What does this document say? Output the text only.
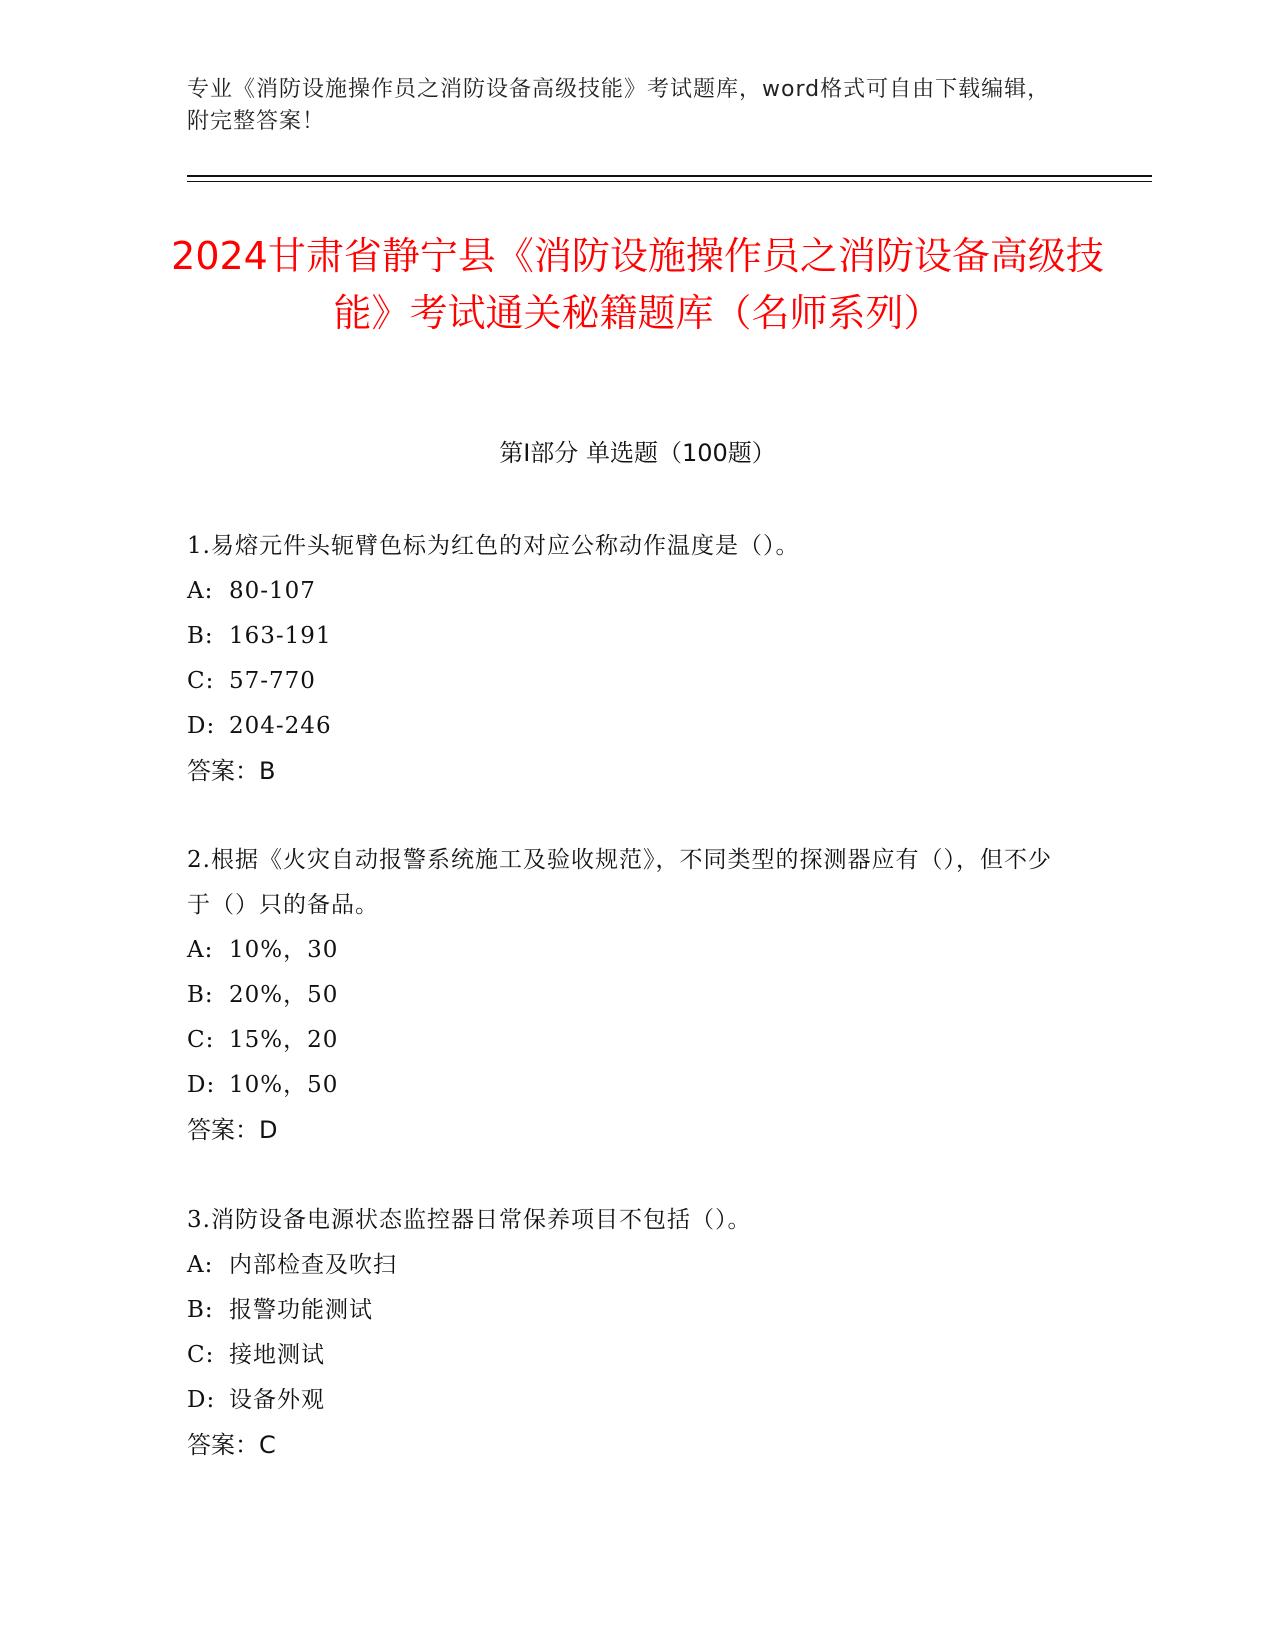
专业《消防设施操作员之消防设备高级技能》考试题库，word格式可自由下载编辑，附完整答案！
2024甘肃省静宁县《消防设施操作员之消防设备高级技能》考试通关秘籍题库（名师系列）
第I部分 单选题（100题）

1.易熔元件头轭臂色标为红色的对应公称动作温度是（）。

A: 80-107

B: 163-191

C: 57-770

D: 204-246

答案：B

2.根据《火灾自动报警系统施工及验收规范》，不同类型的探测器应有（），但不少于（）只的备品。

A: 10%，30

B: 20%，50

C: 15%，20

D: 10%，50

答案：D

3.消防设备电源状态监控器日常保养项目不包括（）。

A: 内部检查及吹扫

B: 报警功能测试

C: 接地测试

D: 设备外观

答案：C
